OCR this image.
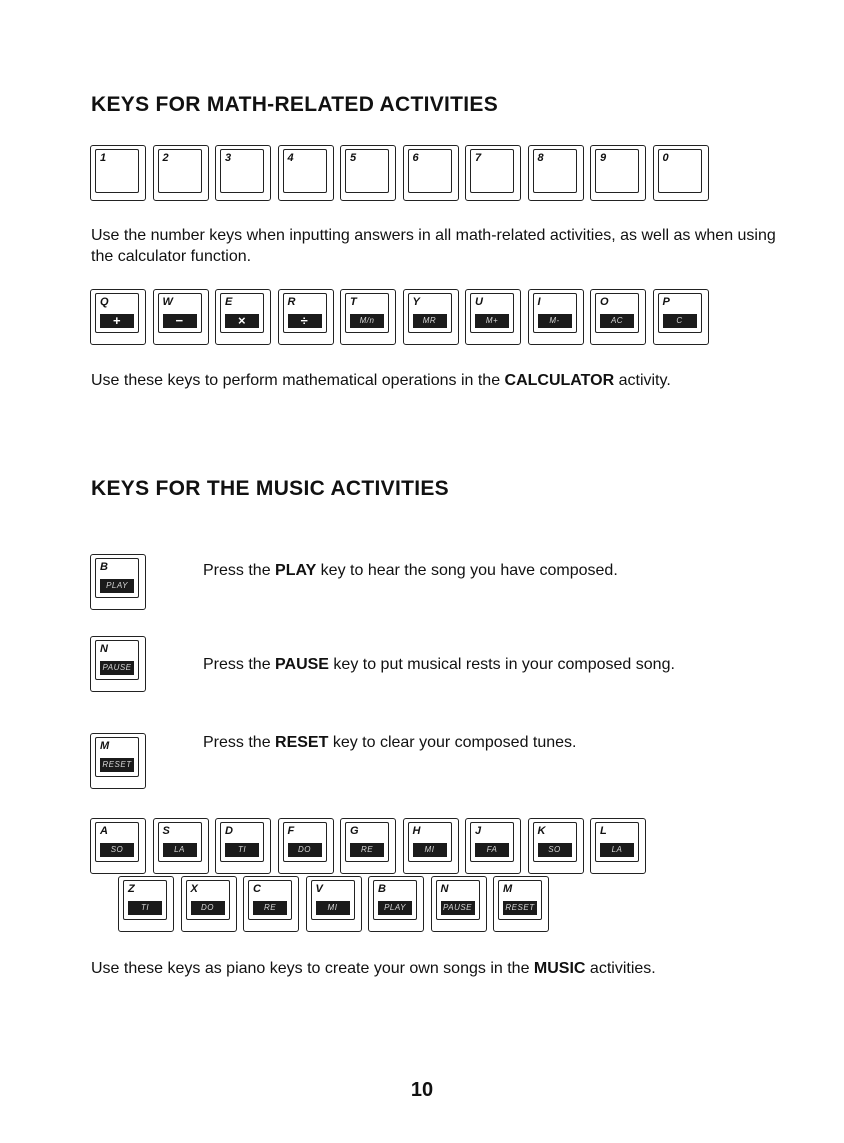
KEYS FOR MATH-RELATED ACTIVITIES
1	2	3	4	5	6	7	8	9	0

Use the number keys when inputting answers in all math-related activities, as well as when using the calculator function.

Q
+
W
−
E
×
R
÷
T
M/n
Y
MR
U
M+
I
M-
O
AC
P
C

Use these keys to perform mathematical operations in the CALCULATOR activity.

KEYS FOR THE MUSIC ACTIVITIES
B
PLAY

Press the PLAY key to hear the song you have composed.

N
PAUSE	Press the PAUSE key to put musical rests in your composed song.

M
RESET

Press the RESET key to clear your composed tunes.

A
SO
S
LA
D
TI
F
DO
G
RE
H
MI
J
FA
K
SO
L
LA
Z
TI
X
DO
C
RE
V
MI
B
PLAY
N
PAUSE
M
RESET

Use these keys as piano keys to create your own songs in the MUSIC activities.

10
